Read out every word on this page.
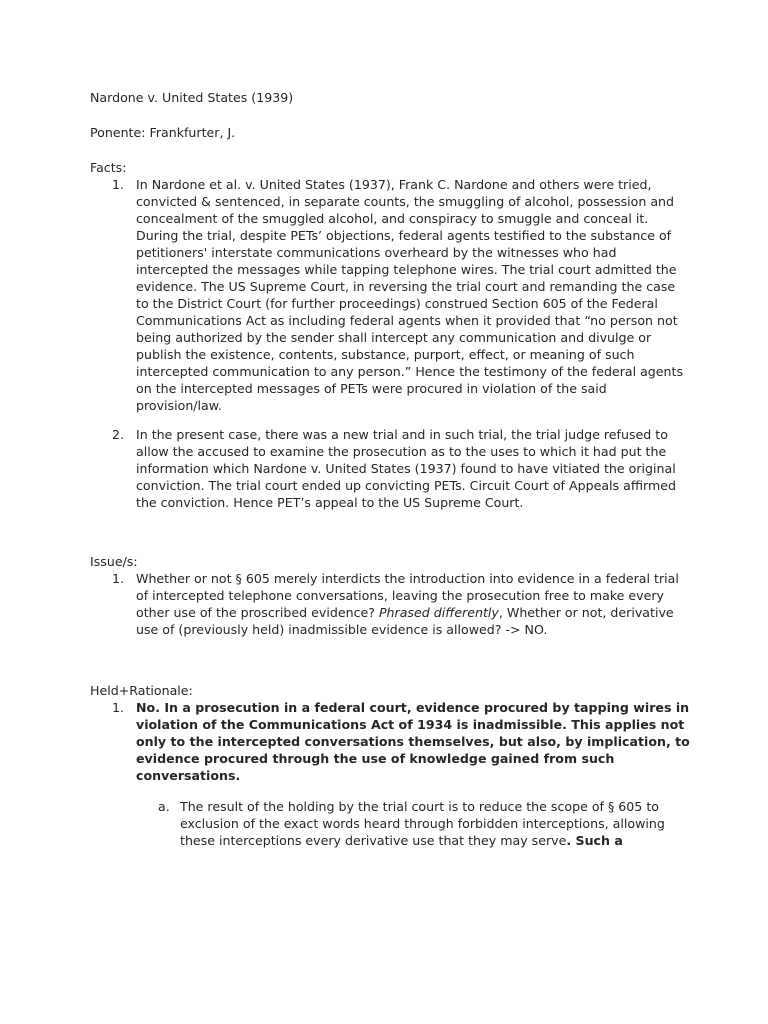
Nardone v. United States (1939)

Ponente: Frankfurter, J.

Facts:

1. In Nardone et al. v. United States (1937), Frank C. Nardone and others were tried, convicted & sentenced, in separate counts, the smuggling of alcohol, possession and concealment of the smuggled alcohol, and conspiracy to smuggle and conceal it. During the trial, despite PETs’ objections, federal agents testified to the substance of petitioners' interstate communications overheard by the witnesses who had intercepted the messages while tapping telephone wires. The trial court admitted the evidence. The US Supreme Court, in reversing the trial court and remanding the case to the District Court (for further proceedings) construed Section 605 of the Federal Communications Act as including federal agents when it provided that “no person not being authorized by the sender shall intercept any communication and divulge or publish the existence, contents, substance, purport, effect, or meaning of such intercepted communication to any person.” Hence the testimony of the federal agents on the intercepted messages of PETs were procured in violation of the said provision/law.
2. In the present case, there was a new trial and in such trial, the trial judge refused to allow the accused to examine the prosecution as to the uses to which it had put the information which Nardone v. United States (1937) found to have vitiated the original conviction. The trial court ended up convicting PETs. Circuit Court of Appeals affirmed the conviction. Hence PET’s appeal to the US Supreme Court.

Issue/s:

1. Whether or not § 605 merely interdicts the introduction into evidence in a federal trial of intercepted telephone conversations, leaving the prosecution free to make every other use of the proscribed evidence? Phrased differently, Whether or not, derivative use of (previously held) inadmissible evidence is allowed? -> NO.

Held+Rationale:

1. No. In a prosecution in a federal court, evidence procured by tapping wires in violation of the Communications Act of 1934 is inadmissible. This applies not only to the intercepted conversations themselves, but also, by implication, to evidence procured through the use of knowledge gained from such conversations.
a. The result of the holding by the trial court is to reduce the scope of § 605 to exclusion of the exact words heard through forbidden interceptions, allowing these interceptions every derivative use that they may serve. Such a
